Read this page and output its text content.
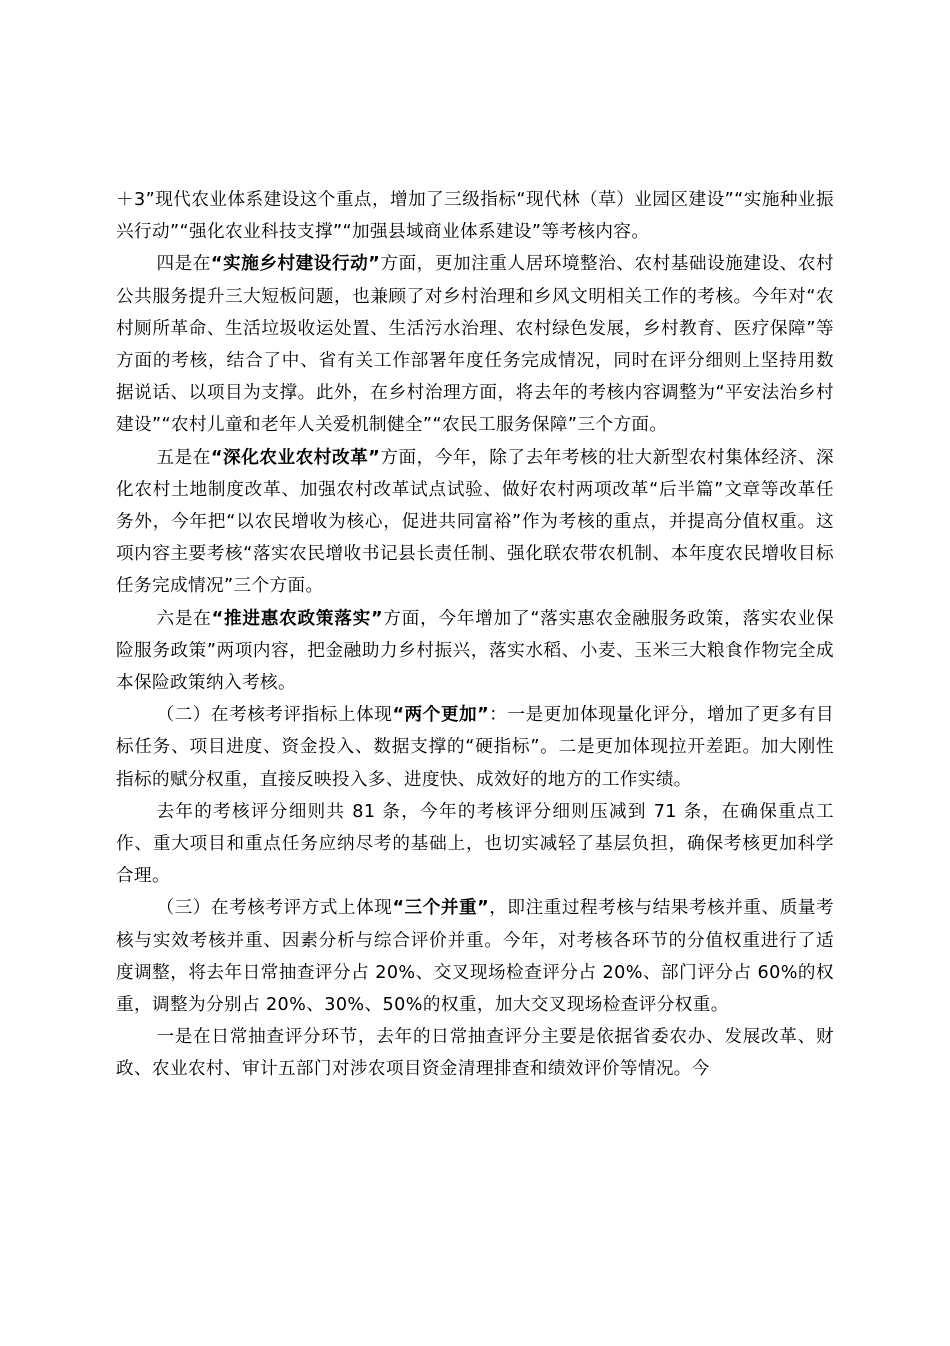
＋3”现代农业体系建设这个重点，增加了三级指标“现代林（草）业园区建设”“实施种业振兴行动”“强化农业科技支撑”“加强县域商业体系建设”等考核内容。

四是在“实施乡村建设行动”方面，更加注重人居环境整治、农村基础设施建设、农村公共服务提升三大短板问题，也兼顾了对乡村治理和乡风文明相关工作的考核。今年对“农村厕所革命、生活垃圾收运处置、生活污水治理、农村绿色发展，乡村教育、医疗保障”等方面的考核，结合了中、省有关工作部署年度任务完成情况，同时在评分细则上坚持用数据说话、以项目为支撑。此外，在乡村治理方面，将去年的考核内容调整为“平安法治乡村建设”“农村儿童和老年人关爱机制健全”“农民工服务保障”三个方面。

五是在“深化农业农村改革”方面，今年，除了去年考核的壮大新型农村集体经济、深化农村土地制度改革、加强农村改革试点试验、做好农村两项改革“后半篇”文章等改革任务外，今年把“以农民增收为核心，促进共同富裕”作为考核的重点，并提高分值权重。这项内容主要考核“落实农民增收书记县长责任制、强化联农带农机制、本年度农民增收目标任务完成情况”三个方面。

六是在“推进惠农政策落实”方面，今年增加了“落实惠农金融服务政策，落实农业保险服务政策”两项内容，把金融助力乡村振兴，落实水稻、小麦、玉米三大粮食作物完全成本保险政策纳入考核。

（二）在考核考评指标上体现“两个更加”：一是更加体现量化评分，增加了更多有目标任务、项目进度、资金投入、数据支撑的“硬指标”。二是更加体现拉开差距。加大刚性指标的赋分权重，直接反映投入多、进度快、成效好的地方的工作实绩。

去年的考核评分细则共 81 条，今年的考核评分细则压减到 71 条，在确保重点工作、重大项目和重点任务应纳尽考的基础上，也切实减轻了基层负担，确保考核更加科学合理。

（三）在考核考评方式上体现“三个并重”，即注重过程考核与结果考核并重、质量考核与实效考核并重、因素分析与综合评价并重。今年，对考核各环节的分值权重进行了适度调整，将去年日常抽查评分占 20%、交叉现场检查评分占 20%、部门评分占 60%的权重，调整为分别占 20%、30%、50%的权重，加大交叉现场检查评分权重。

一是在日常抽查评分环节，去年的日常抽查评分主要是依据省委农办、发展改革、财政、农业农村、审计五部门对涉农项目资金清理排查和绩效评价等情况。今
